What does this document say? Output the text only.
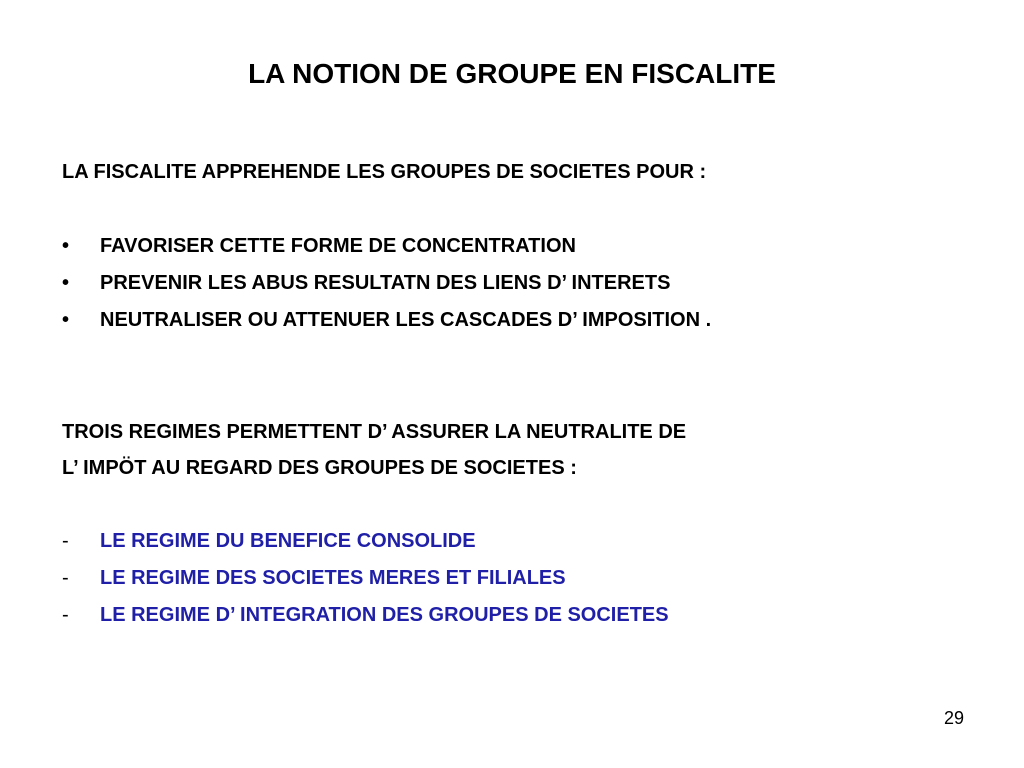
LA NOTION DE GROUPE EN FISCALITE
LA FISCALITE APPREHENDE LES GROUPES DE SOCIETES POUR :
• FAVORISER CETTE FORME DE CONCENTRATION
• PREVENIR LES ABUS RESULTATN DES LIENS D’ INTERETS
• NEUTRALISER OU ATTENUER LES CASCADES D’ IMPOSITION .
TROIS REGIMES PERMETTENT D’ ASSURER LA NEUTRALITE DE
L’ IMPÖT AU REGARD DES GROUPES DE SOCIETES :
- LE REGIME DU BENEFICE CONSOLIDE
- LE REGIME DES SOCIETES MERES ET FILIALES
- LE REGIME D’ INTEGRATION DES GROUPES DE SOCIETES
29
